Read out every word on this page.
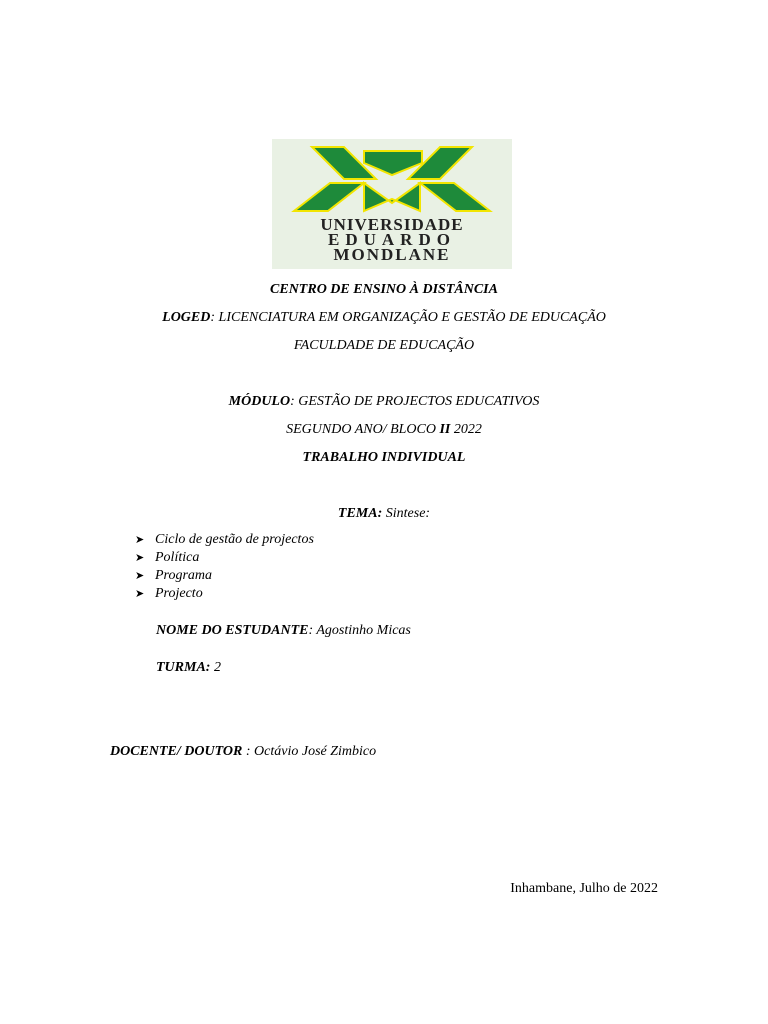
UNIVERSIDADE
EDUARDO
MONDLANE
CENTRO DE ENSINO À DISTÂNCIA
LOGED: LICENCIATURA EM ORGANIZAÇÃO E GESTÃO DE EDUCAÇÃO
FACULDADE DE EDUCAÇÃO
MÓDULO: GESTÃO DE PROJECTOS EDUCATIVOS
SEGUNDO ANO/ BLOCO II 2022
TRABALHO INDIVIDUAL
TEMA: Sintese:
➤ Ciclo de gestão de projectos
➤ Política
➤ Programa
➤ Projecto
NOME DO ESTUDANTE: Agostinho Micas
TURMA: 2
DOCENTE/ DOUTOR : Octávio José Zimbico
Inhambane, Julho de 2022
